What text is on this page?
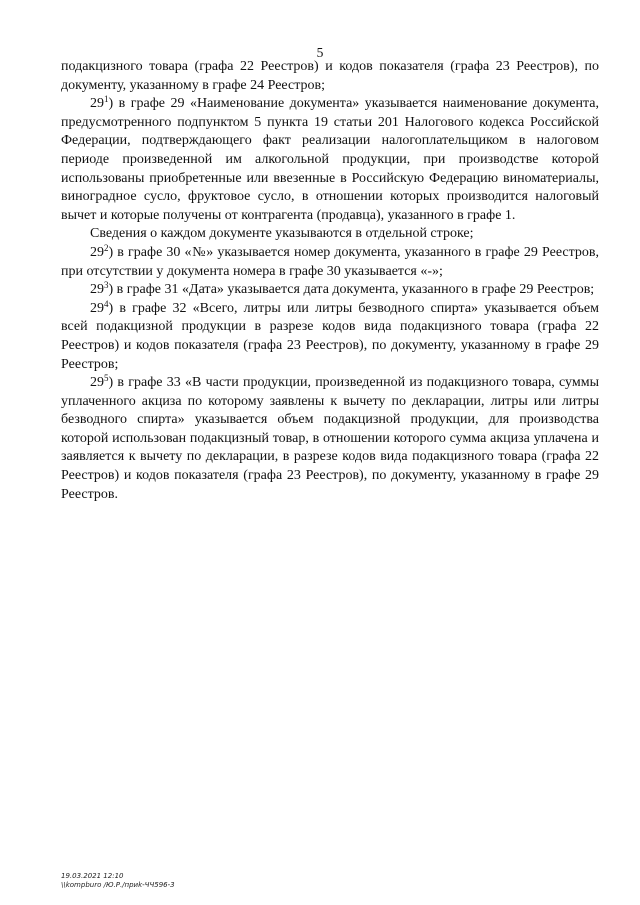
5

подакцизного товара (графа 22 Реестров) и кодов показателя (графа 23 Реестров), по документу, указанному в графе 24 Реестров;

$29^1$) в графе 29 «Наименование документа» указывается наименование документа, предусмотренного подпунктом 5 пункта 19 статьи 201 Налогового кодекса Российской Федерации, подтверждающего факт реализации налогоплательщиком в налоговом периоде произведенной им алкогольной продукции, при производстве которой использованы приобретенные или ввезенные в Российскую Федерацию виноматериалы, виноградное сусло, фруктовое сусло, в отношении которых производится налоговый вычет и которые получены от контрагента (продавца), указанного в графе 1.

Сведения о каждом документе указываются в отдельной строке;

$29^2$) в графе 30 «№» указывается номер документа, указанного в графе 29 Реестров, при отсутствии у документа номера в графе 30 указывается «-»;

$29^3$) в графе 31 «Дата» указывается дата документа, указанного в графе 29 Реестров;

$29^4$) в графе 32 «Всего, литры или литры безводного спирта» указывается объем всей подакцизной продукции в разрезе кодов вида подакцизного товара (графа 22 Реестров) и кодов показателя (графа 23 Реестров), по документу, указанному в графе 29 Реестров;

$29^5$) в графе 33 «В части продукции, произведенной из подакцизного товара, суммы уплаченного акциза по которому заявлены к вычету по декларации, литры или литры безводного спирта» указывается объем подакцизной продукции, для производства которой использован подакцизный товар, в отношении которого сумма акциза уплачена и заявляется к вычету по декларации, в разрезе кодов вида подакцизного товара (графа 22 Реестров) и кодов показателя (графа 23 Реестров), по документу, указанному в графе 29 Реестров.

19.03.2021 12:10
\\kompburo /Ю.Р./приk-ЧЧ596-3
